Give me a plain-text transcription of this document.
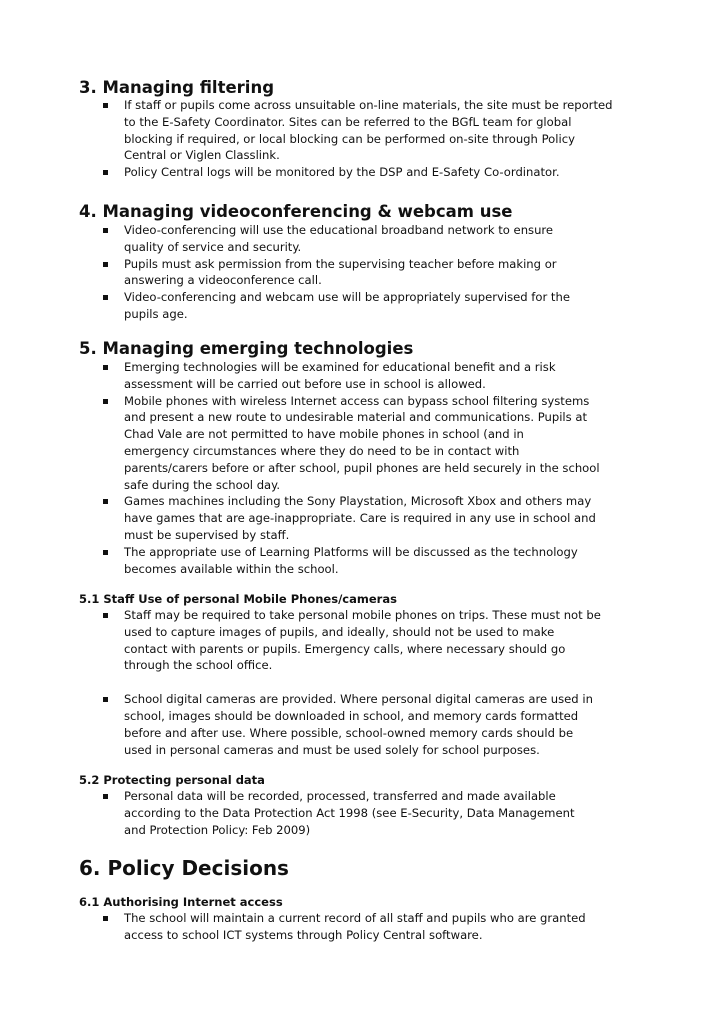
3. Managing filtering
If staff or pupils come across unsuitable on-line materials, the site must be reported
to the E-Safety Coordinator. Sites can be referred to the BGfL team for global
blocking if required, or local blocking can be performed on-site through Policy
Central or Viglen Classlink.
Policy Central logs will be monitored by the DSP and E-Safety Co-ordinator.
4. Managing videoconferencing & webcam use
Video-conferencing will use the educational broadband network to ensure
quality of service and security.
Pupils must ask permission from the supervising teacher before making or
answering a videoconference call.
Video-conferencing and webcam use will be appropriately supervised for the
pupils age.
5. Managing emerging technologies
Emerging technologies will be examined for educational benefit and a risk
assessment will be carried out before use in school is allowed.
Mobile phones with wireless Internet access can bypass school filtering systems
and present a new route to undesirable material and communications. Pupils at
Chad Vale are not permitted to have mobile phones in school (and in
emergency circumstances where they do need to be in contact with
parents/carers before or after school, pupil phones are held securely in the school
safe during the school day.
Games machines including the Sony Playstation, Microsoft Xbox and others may
have games that are age-inappropriate. Care is required in any use in school and
must be supervised by staff.
The appropriate use of Learning Platforms will be discussed as the technology
becomes available within the school.
5.1 Staff Use of personal Mobile Phones/cameras
Staff may be required to take personal mobile phones on trips. These must not be
used to capture images of pupils, and ideally, should not be used to make
contact with parents or pupils. Emergency calls, where necessary should go
through the school office.
School digital cameras are provided. Where personal digital cameras are used in
school, images should be downloaded in school, and memory cards formatted
before and after use. Where possible, school-owned memory cards should be
used in personal cameras and must be used solely for school purposes.
5.2 Protecting personal data
Personal data will be recorded, processed, transferred and made available
according to the Data Protection Act 1998 (see E-Security, Data Management
and Protection Policy: Feb 2009)
6. Policy Decisions
6.1 Authorising Internet access
The school will maintain a current record of all staff and pupils who are granted
access to school ICT systems through Policy Central software.
